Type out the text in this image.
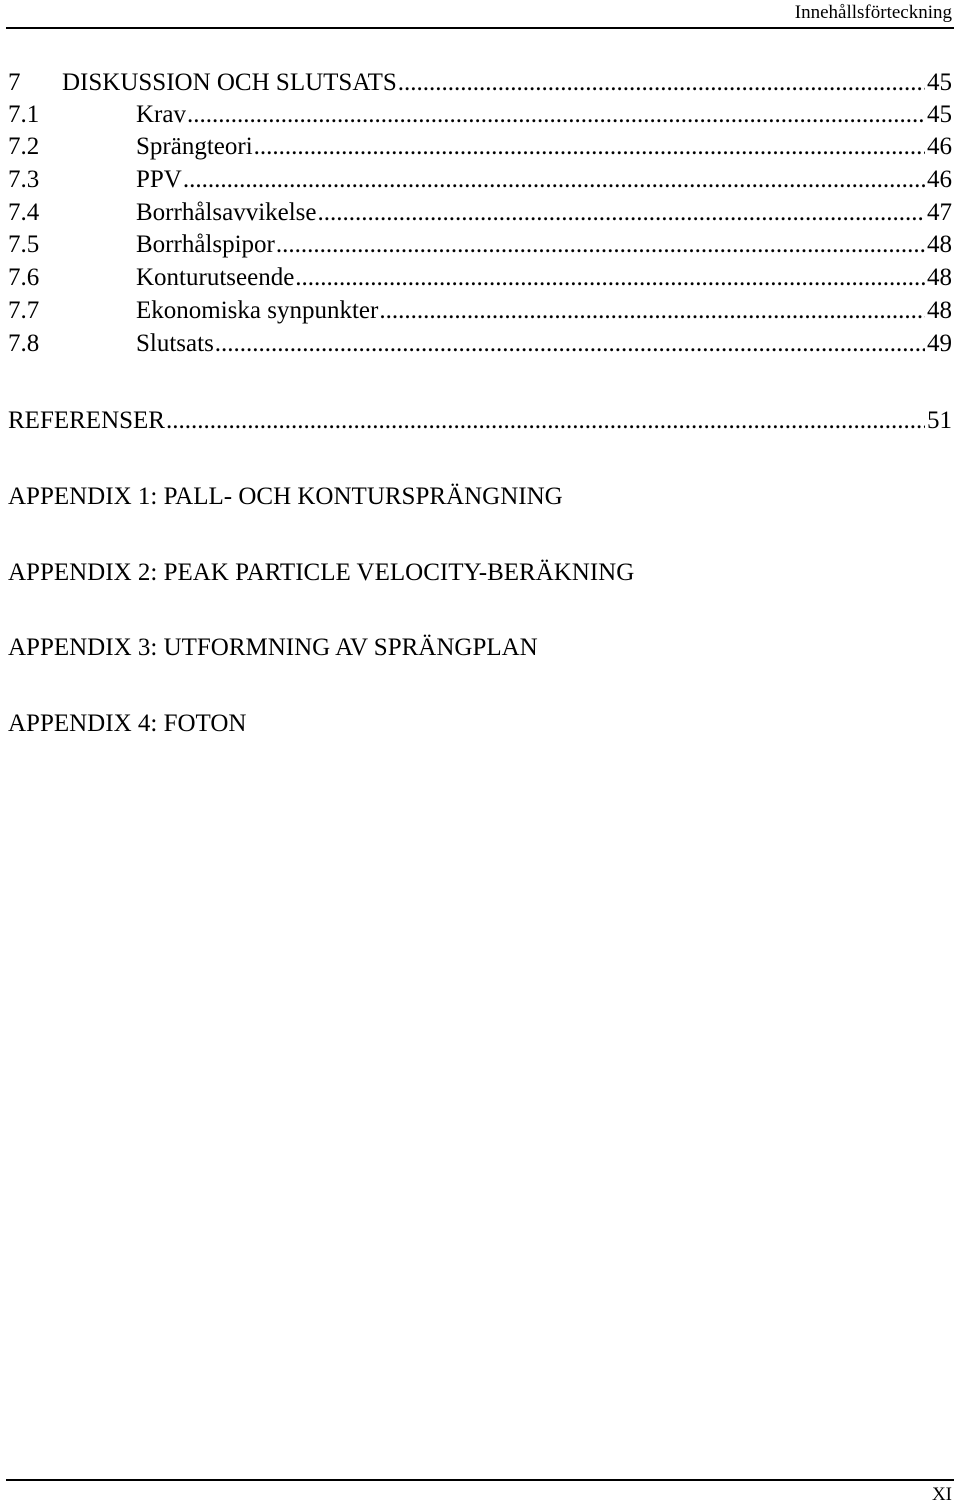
Innehållsförteckning
7	DISKUSSION OCH SLUTSATS .....	45
7.1	Krav .....	45
7.2	Sprängteori .....	46
7.3	PPV .....	46
7.4	Borrhålsavvikelse .....	47
7.5	Borrhålspipor .....	48
7.6	Konturutseende .....	48
7.7	Ekonomiska synpunkter .....	48
7.8	Slutsats .....	49
REFERENSER .....	51
APPENDIX 1: PALL- OCH KONTURSPRÄNGNING
APPENDIX 2: PEAK PARTICLE VELOCITY-BERÄKNING
APPENDIX 3: UTFORMNING AV SPRÄNGPLAN
APPENDIX 4: FOTON
XI
